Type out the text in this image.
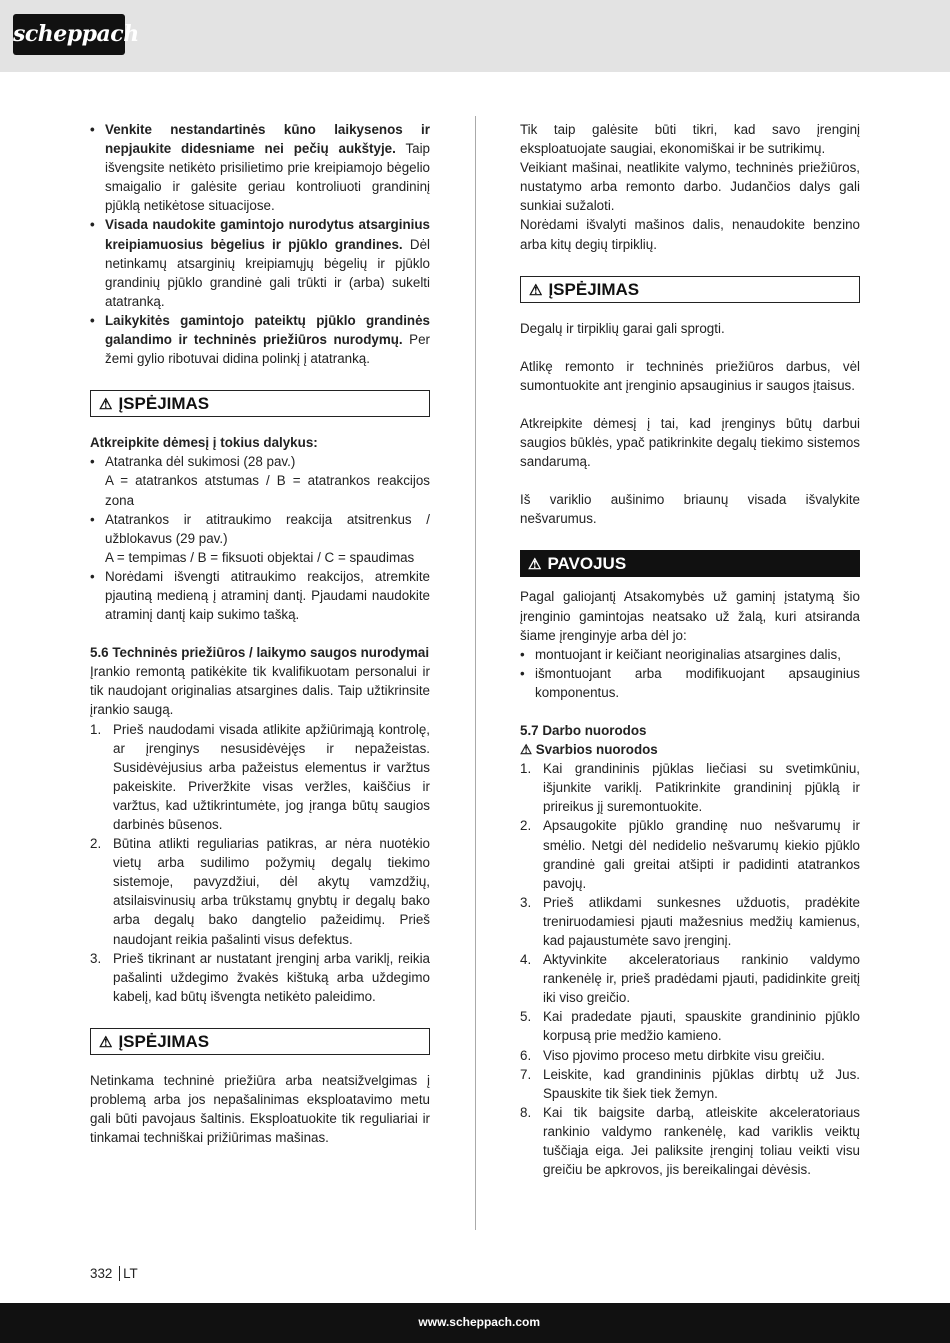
scheppach
• Venkite nestandartinės kūno laikysenos ir nepjaukite didesniame nei pečių aukštyje. Taip išvengsite netikėto prisilietimo prie kreipiamojo bėgelio smaigalio ir galėsite geriau kontroliuoti grandininį pjūklą netikėtose situacijose.
• Visada naudokite gamintojo nurodytus atsarginius kreipiamuosius bėgelius ir pjūklo grandines. Dėl netinkamų atsarginių kreipiamųjų bėgelių ir pjūklo grandinių pjūklo grandinė gali trūkti ir (arba) sukelti atatranką.
• Laikykitės gamintojo pateiktų pjūklo grandinės galandimo ir techninės priežiūros nurodymų. Per žemi gylio ribotuvai didina polinkį į atatranką.
⚠ ĮSPĖJIMAS

Atkreipkite dėmesį į tokius dalykus:

• Atatranka dėl sukimosi (28 pav.)
A = atatrankos atstumas / B = atatrankos reakcijos zona
• Atatrankos ir atitraukimo reakcija atsitrenkus / užblokavus (29 pav.)
A = tempimas / B = fiksuoti objektai / C = spaudimas
• Norėdami išvengti atitraukimo reakcijos, atremkite pjautiną medieną į atraminį dantį. Pjaudami naudokite atraminį dantį kaip sukimo tašką.

5.6 Techninės priežiūros / laikymo saugos nurodymai

Įrankio remontą patikėkite tik kvalifikuotam personalui ir tik naudojant originalias atsargines dalis. Taip užtikrinsite įrankio saugą.

1. Prieš naudodami visada atlikite apžiūrimąją kontrolę, ar įrenginys nesusidėvėjęs ir nepažeistas. Susidėvėjusius arba pažeistus elementus ir varžtus pakeiskite. Priveržkite visas veržles, kaiščius ir varžtus, kad užtikrintumėte, jog įranga būtų saugios darbinės būsenos.
2. Būtina atlikti reguliarias patikras, ar nėra nuotėkio vietų arba sudilimo požymių degalų tiekimo sistemoje, pavyzdžiui, dėl akytų vamzdžių, atsilaisvinusių arba trūkstamų gnybtų ir degalų bako arba degalų bako dangtelio pažeidimų. Prieš naudojant reikia pašalinti visus defektus.
3. Prieš tikrinant ar nustatant įrenginį arba variklį, reikia pašalinti uždegimo žvakės kištuką arba uždegimo kabelį, kad būtų išvengta netikėto paleidimo.
⚠ ĮSPĖJIMAS

Netinkama techninė priežiūra arba neatsižvelgimas į problemą arba jos nepašalinimas eksploatavimo metu gali būti pavojaus šaltinis. Eksploatuokite tik reguliariai ir tinkamai techniškai prižiūrimas mašinas.

Tik taip galėsite būti tikri, kad savo įrenginį eksploatuojate saugiai, ekonomiškai ir be sutrikimų.

Veikiant mašinai, neatlikite valymo, techninės priežiūros, nustatymo arba remonto darbo. Judančios dalys gali sunkiai sužaloti.

Norėdami išvalyti mašinos dalis, nenaudokite benzino arba kitų degių tirpiklių.

⚠ ĮSPĖJIMAS

Degalų ir tirpiklių garai gali sprogti.

Atlikę remonto ir techninės priežiūros darbus, vėl sumontuokite ant įrenginio apsauginius ir saugos įtaisus.

Atkreipkite dėmesį į tai, kad įrenginys būtų darbui saugios būklės, ypač patikrinkite degalų tiekimo sistemos sandarumą.

Iš variklio aušinimo briaunų visada išvalykite nešvarumus.

⚠ PAVOJUS

Pagal galiojantį Atsakomybės už gaminį įstatymą šio įrenginio gamintojas neatsako už žalą, kuri atsiranda šiame įrenginyje arba dėl jo:

• montuojant ir keičiant neoriginalias atsargines dalis,
• išmontuojant arba modifikuojant apsauginius komponentus.

5.7 Darbo nuorodos

⚠ Svarbios nuorodos

1. Kai grandininis pjūklas liečiasi su svetimkūniu, išjunkite variklį. Patikrinkite grandininį pjūklą ir prireikus jį suremontuokite.
2. Apsaugokite pjūklo grandinę nuo nešvarumų ir smėlio. Netgi dėl nedidelio nešvarumų kiekio pjūklo grandinė gali greitai atšipti ir padidinti atatrankos pavojų.
3. Prieš atlikdami sunkesnes užduotis, pradėkite treniruodamiesi pjauti mažesnius medžių kamienus, kad pajaustumėte savo įrenginį.
4. Aktyvinkite akceleratoriaus rankinio valdymo rankenėlę ir, prieš pradėdami pjauti, padidinkite greitį iki viso greičio.
5. Kai pradedate pjauti, spauskite grandininio pjūklo korpusą prie medžio kamieno.
6. Viso pjovimo proceso metu dirbkite visu greičiu.
7. Leiskite, kad grandininis pjūklas dirbtų už Jus. Spauskite tik šiek tiek žemyn.
8. Kai tik baigsite darbą, atleiskite akceleratoriaus rankinio valdymo rankenėlę, kad variklis veiktų tuščiąja eiga. Jei paliksite įrenginį toliau veikti visu greičiu be apkrovos, jis bereikalingai dėvėsis.
332 LT
www.scheppach.com
